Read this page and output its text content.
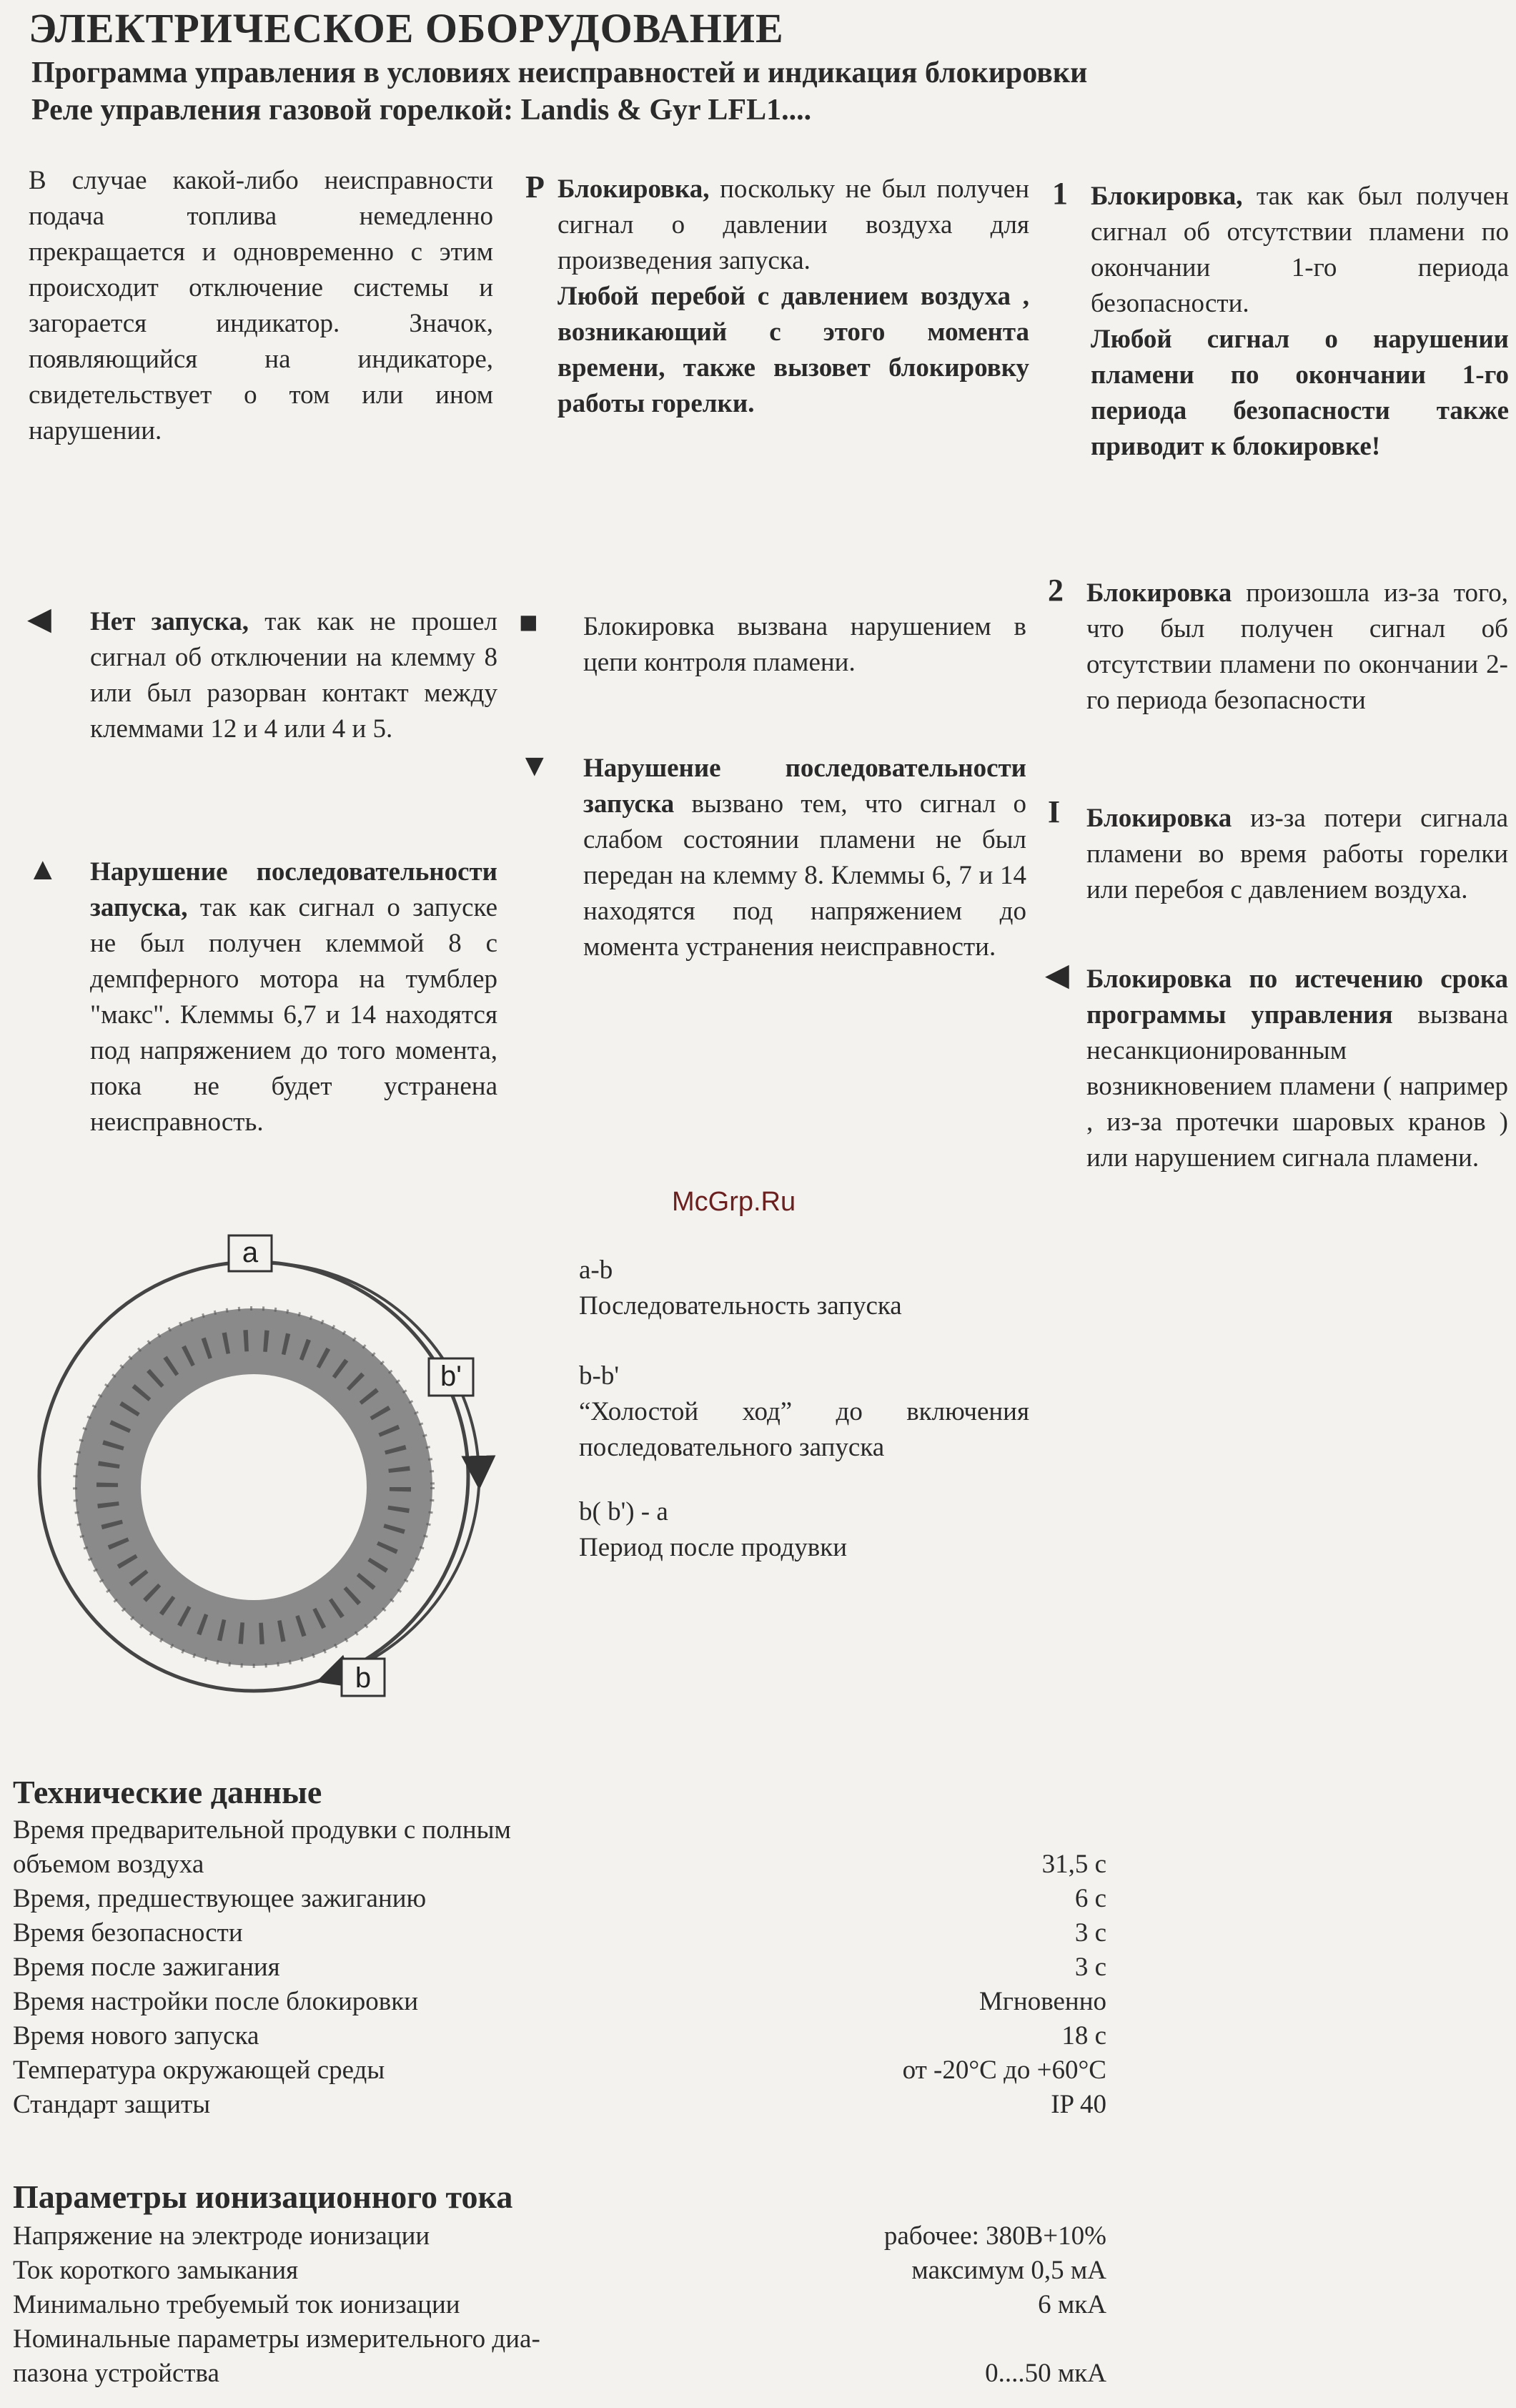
ЭЛЕКТРИЧЕСКОЕ ОБОРУДОВАНИЕ
Программа управления в условиях неисправностей и индикация блокировки
Реле управления газовой горелкой: Landis & Gyr LFL1....
В случае какой-либо неисправности подача топлива немедленно прекращается и одновременно с этим происходит отключение системы и загорается индикатор. Значок, появляющийся на индикаторе, свидетельствует о том или ином нарушении.
◀ Нет запуска, так как не прошел сигнал об отключении на клемму 8 или был разорван контакт между клеммами 12 и 4 или 4 и 5.
▲ Нарушение последовательности запуска, так как сигнал о запуске не был получен клеммой 8 с демпферного мотора на тумблер "макс". Клеммы 6,7 и 14 находятся под напряжением до того момента, пока не будет устранена неисправность.
P Блокировка, поскольку не был получен сигнал о давлении воздуха для произведения запуска.
Любой перебой с давлением воздуха , возникающий с этого момента времени, также вызовет блокировку работы горелки.
■ Блокировка вызвана нарушением в цепи контроля пламени.
▼ Нарушение последовательности запуска вызвано тем, что сигнал о слабом состоянии пламени не был передан на клемму 8. Клеммы 6, 7 и 14 находятся под напряжением до момента устранения неисправности.
1 Блокировка, так как был получен сигнал об отсутствии пламени по окончании 1-го периода безопасности.
Любой сигнал о нарушении пламени по окончании 1-го периода безопасности также приводит к блокировке!
2 Блокировка произошла из-за того, что был получен сигнал об отсутствии пламени по окончании 2-го периода безопасности
I Блокировка из-за потери сигнала пламени во время работы горелки или перебоя с давлением воздуха.
◀ Блокировка по истечению срока программы управления вызвана несанкционированным возникновением пламени ( например , из-за протечки шаровых кранов ) или нарушением сигнала пламени.
McGrp.Ru
a
b'
b
a-b
Последовательность запуска
b-b'
“Холостой ход” до включения последовательного запуска
b( b') - a
Период после продувки
Технические данные
Время предварительной продувки с полным
объемом воздуха	31,5 с
Время, предшествующее зажиганию	6 с
Время безопасности	3 с
Время после зажигания	3 с
Время настройки после блокировки	Мгновенно
Время нового запуска	18 с
Температура окружающей среды	от -20°C до +60°C
Стандарт защиты	IP 40
Параметры ионизационного тока
Напряжение на электроде ионизации	рабочее: 380В+10%
Ток короткого замыкания	максимум 0,5 мА
Минимально требуемый ток ионизации	6 мкА
Номинальные параметры измерительного диа-
пазона устройства	0....50 мкА
